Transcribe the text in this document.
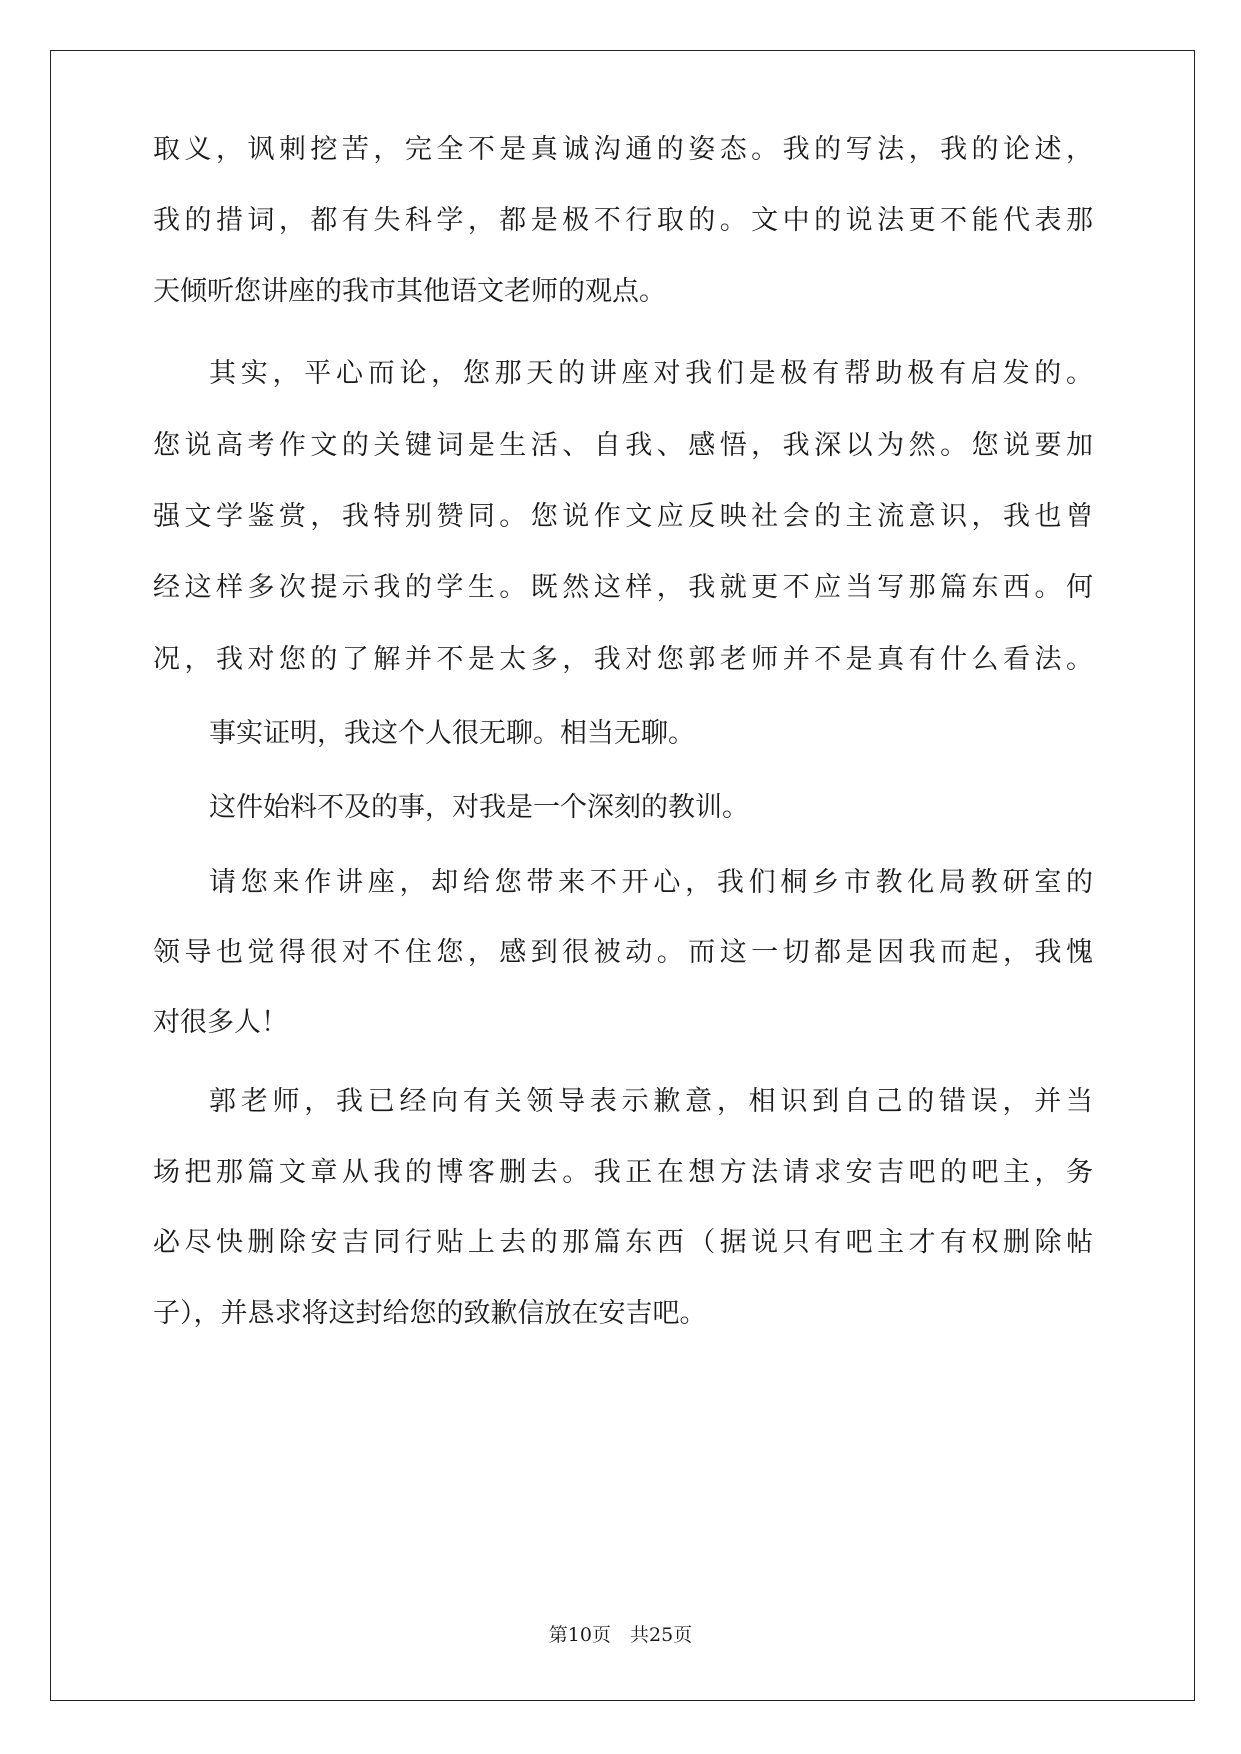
取义，讽刺挖苦，完全不是真诚沟通的姿态。我的写法，我的论述，
我的措词，都有失科学，都是极不行取的。文中的说法更不能代表那
天倾听您讲座的我市其他语文老师的观点。
其实，平心而论，您那天的讲座对我们是极有帮助极有启发的。
您说高考作文的关键词是生活、自我、感悟，我深以为然。您说要加
强文学鉴赏，我特别赞同。您说作文应反映社会的主流意识，我也曾
经这样多次提示我的学生。既然这样，我就更不应当写那篇东西。何
况，我对您的了解并不是太多，我对您郭老师并不是真有什么看法。
事实证明，我这个人很无聊。相当无聊。
这件始料不及的事，对我是一个深刻的教训。
请您来作讲座，却给您带来不开心，我们桐乡市教化局教研室的
领导也觉得很对不住您，感到很被动。而这一切都是因我而起，我愧
对很多人！
郭老师，我已经向有关领导表示歉意，相识到自己的错误，并当
场把那篇文章从我的博客删去。我正在想方法请求安吉吧的吧主，务
必尽快删除安吉同行贴上去的那篇东西（据说只有吧主才有权删除帖
子），并恳求将这封给您的致歉信放在安吉吧。
第10页  共25页
